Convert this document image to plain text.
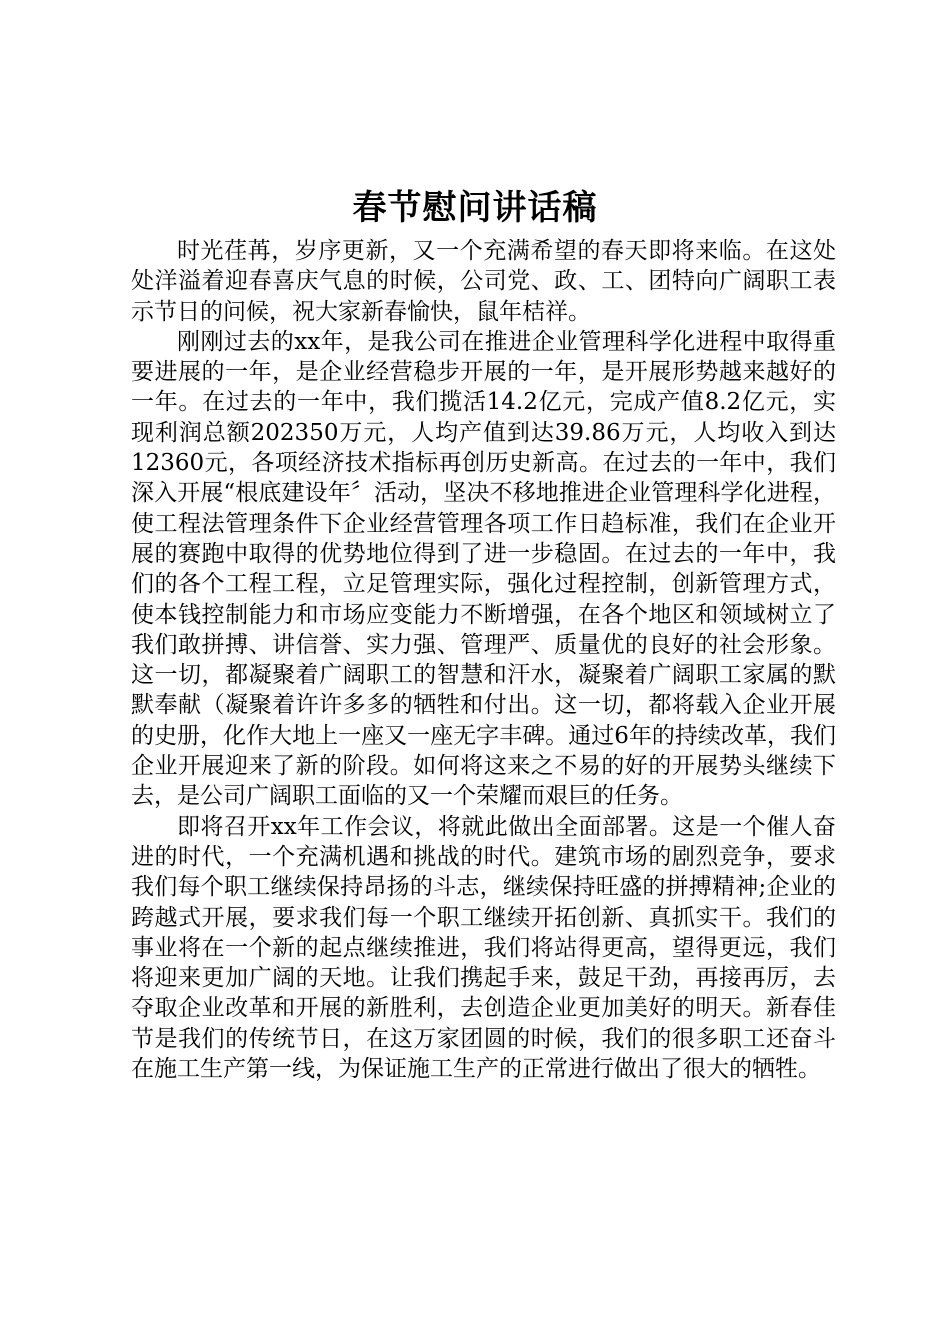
春节慰问讲话稿

时光荏苒，岁序更新，又一个充满希望的春天即将来临。在这处处洋溢着迎春喜庆气息的时候，公司党、政、工、团特向广阔职工表示节日的问候，祝大家新春愉快，鼠年桔祥。

刚刚过去的xx年，是我公司在推进企业管理科学化进程中取得重要进展的一年，是企业经营稳步开展的一年，是开展形势越来越好的一年。在过去的一年中，我们揽活14.2亿元，完成产值8.2亿元，实现利润总额202350万元，人均产值到达39.86万元，人均收入到达12360元，各项经济技术指标再创历史新高。在过去的一年中，我们深入开展“根底建设年〞活动，坚决不移地推进企业管理科学化进程，使工程法管理条件下企业经营管理各项工作日趋标准，我们在企业开展的赛跑中取得的优势地位得到了进一步稳固。在过去的一年中，我们的各个工程工程，立足管理实际，强化过程控制，创新管理方式，使本钱控制能力和市场应变能力不断增强，在各个地区和领域树立了我们敢拼搏、讲信誉、实力强、管理严、质量优的良好的社会形象。这一切，都凝聚着广阔职工的智慧和汗水，凝聚着广阔职工家属的默默奉献（凝聚着许许多多的牺牲和付出。这一切，都将载入企业开展的史册，化作大地上一座又一座无字丰碑。通过6年的持续改革，我们企业开展迎来了新的阶段。如何将这来之不易的好的开展势头继续下去，是公司广阔职工面临的又一个荣耀而艰巨的任务。

即将召开xx年工作会议，将就此做出全面部署。这是一个催人奋进的时代，一个充满机遇和挑战的时代。建筑市场的剧烈竞争，要求我们每个职工继续保持昂扬的斗志，继续保持旺盛的拼搏精神;企业的跨越式开展，要求我们每一个职工继续开拓创新、真抓实干。我们的事业将在一个新的起点继续推进，我们将站得更高，望得更远，我们将迎来更加广阔的天地。让我们携起手来，鼓足干劲，再接再厉，去夺取企业改革和开展的新胜利，去创造企业更加美好的明天。新春佳节是我们的传统节日，在这万家团圆的时候，我们的很多职工还奋斗在施工生产第一线，为保证施工生产的正常进行做出了很大的牺牲。
